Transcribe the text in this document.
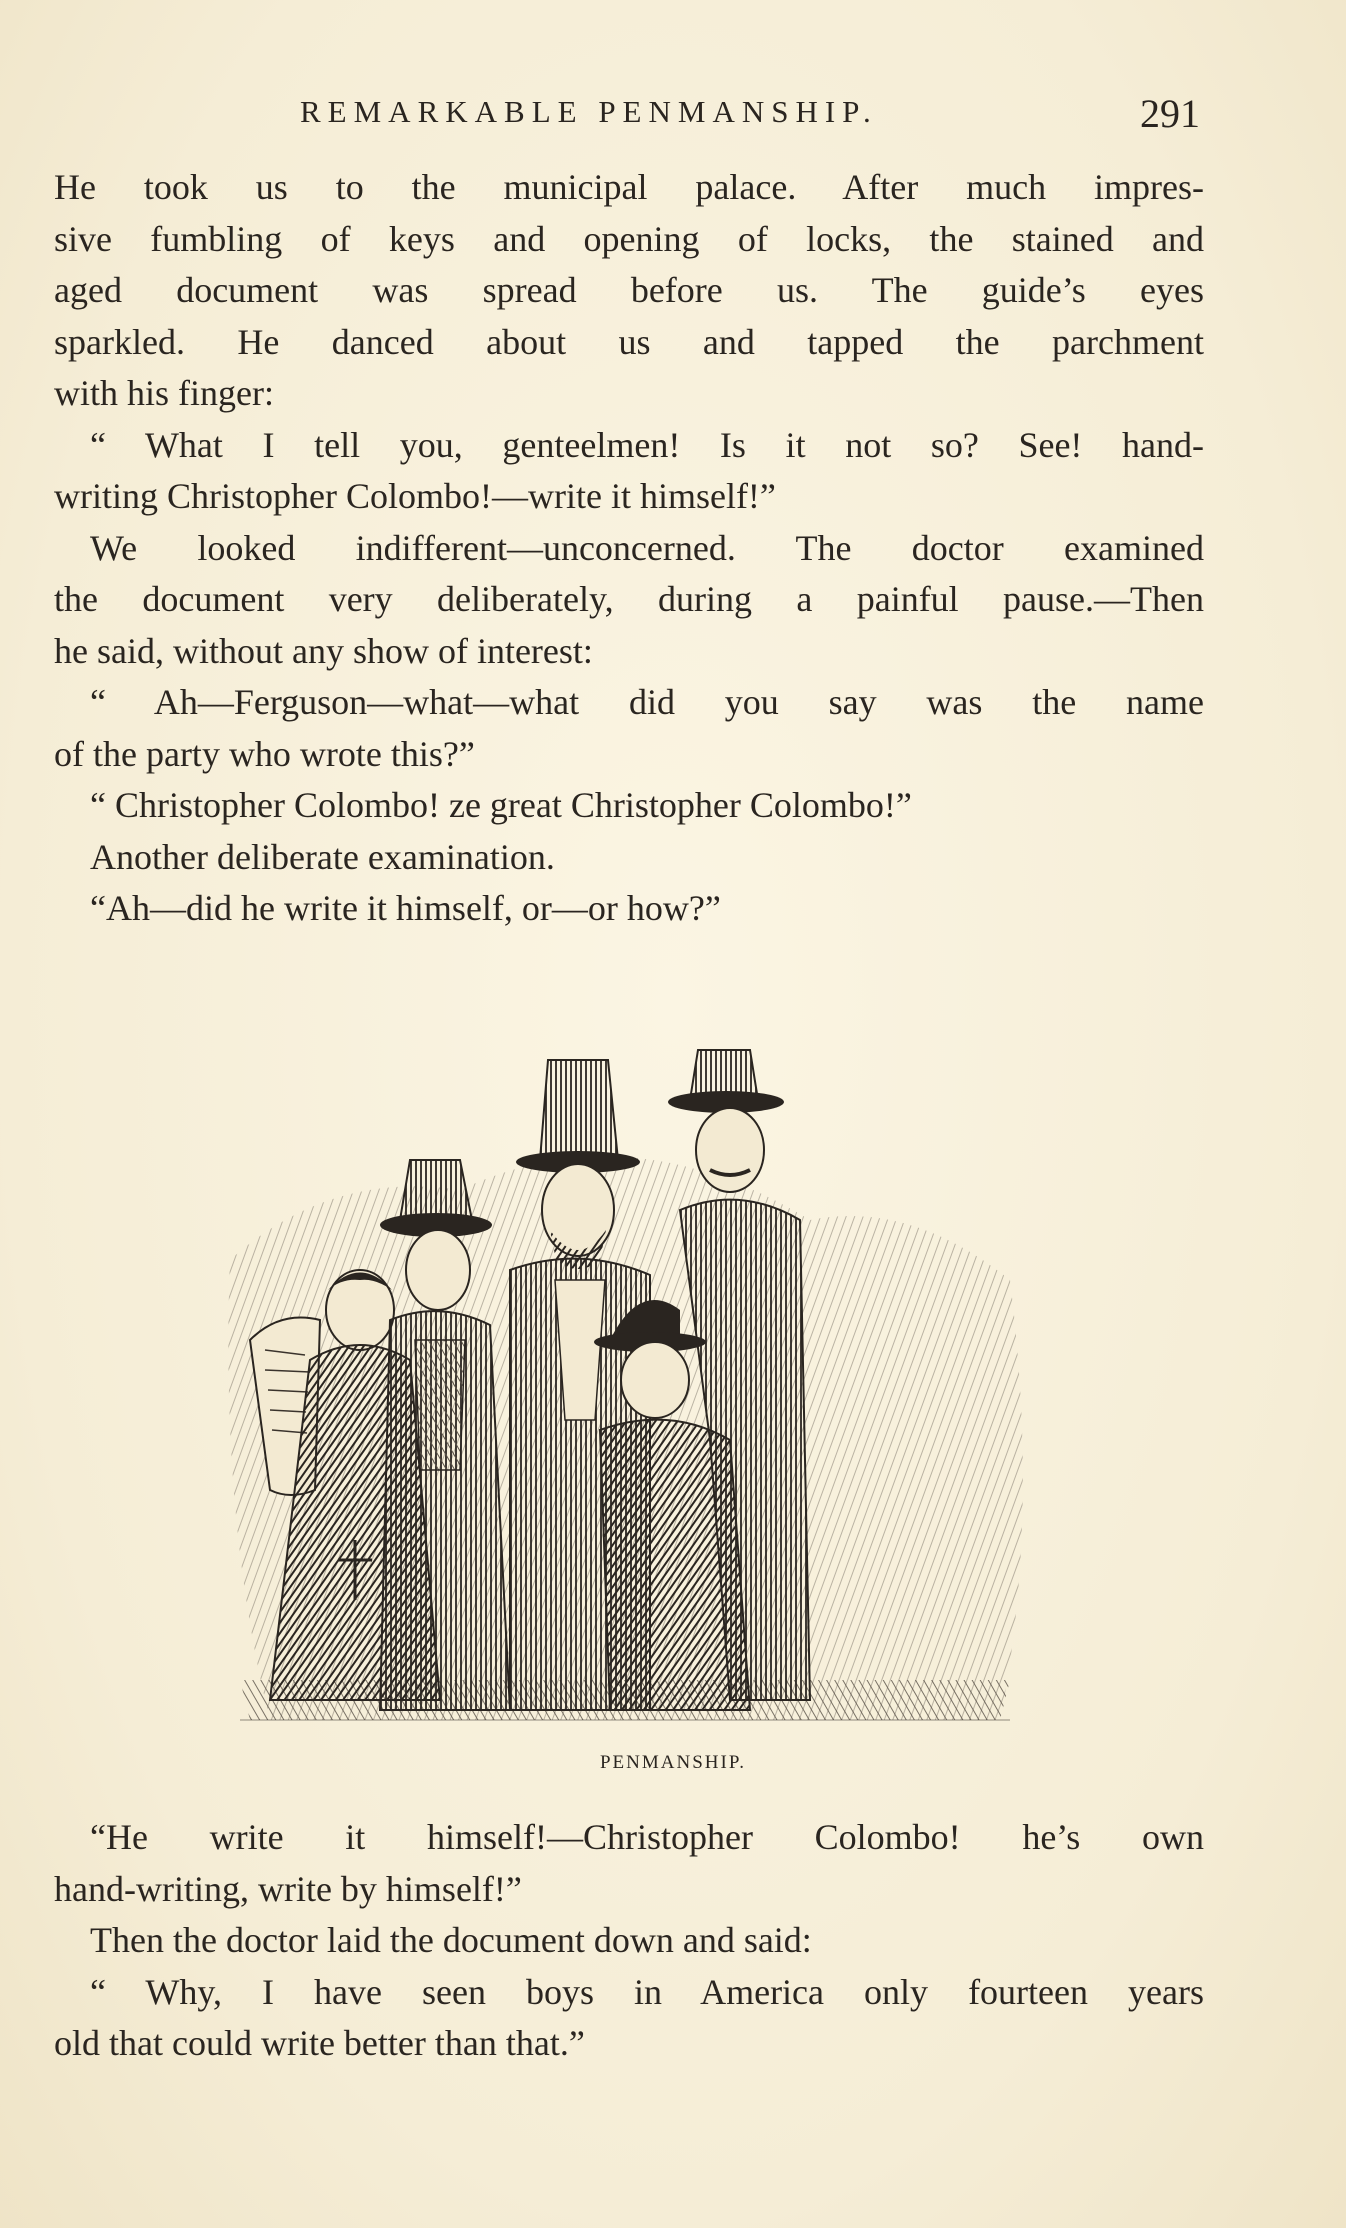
REMARKABLE PENMANSHIP.	291
He took us to the municipal palace. After much impres-
sive fumbling of keys and opening of locks, the stained and
aged document was spread before us. The guide’s eyes
sparkled. He danced about us and tapped the parchment
with his finger:
“ What I tell you, genteelmen! Is it not so? See! hand-
writing Christopher Colombo!—write it himself!”
We looked indifferent—unconcerned. The doctor examined
the document very deliberately, during a painful pause.—Then
he said, without any show of interest:
“ Ah—Ferguson—what—what did you say was the name
of the party who wrote this?”
“ Christopher Colombo! ze great Christopher Colombo!”
Another deliberate examination.
“Ah—did he write it himself, or—or how?”
PENMANSHIP.
“He write it himself!—Christopher Colombo! he’s own
hand-writing, write by himself!”
Then the doctor laid the document down and said:
“ Why, I have seen boys in America only fourteen years
old that could write better than that.”
